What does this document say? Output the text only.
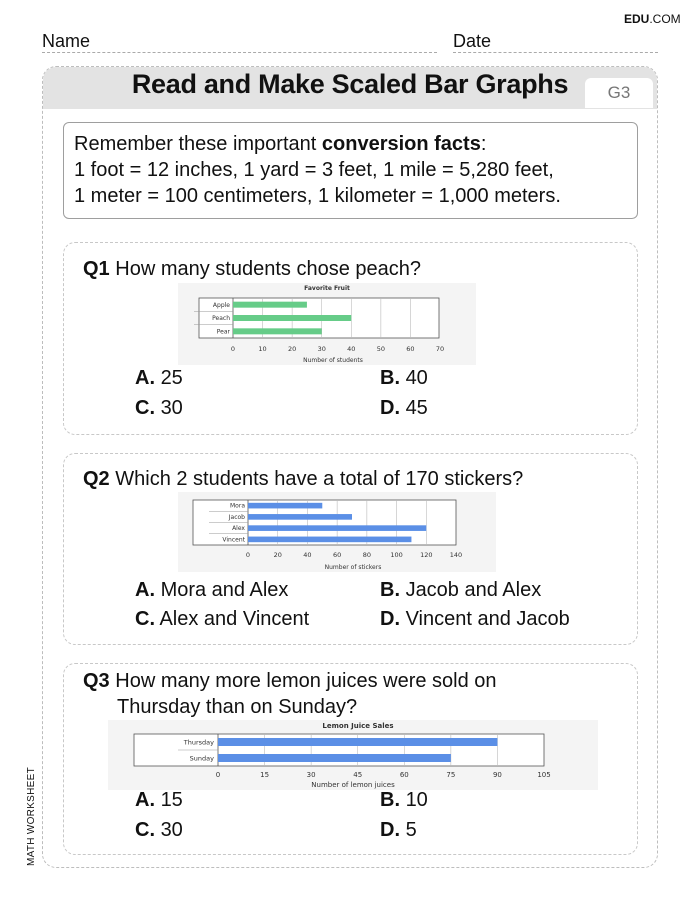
EDU.COM
Name	Date
Read and Make Scaled Bar Graphs	G3
Remember these important conversion facts:
1 foot = 12 inches, 1 yard = 3 feet, 1 mile = 5,280 feet,
1 meter = 100 centimeters, 1 kilometer = 1,000 meters.
Q1 How many students chose peach?
Favorite Fruit
Apple
Peach
Pear
0	10	20	30	40	50	60	70
Number of students
A. 25	B. 40
C. 30	D. 45
Q2 Which 2 students have a total of 170 stickers?
Mora
Jacob
Alex
Vincent
0	20	40	60	80	100	120	140
Number of stickers
A. Mora and Alex	B. Jacob and Alex
C. Alex and Vincent	D. Vincent and Jacob
Q3 How many more lemon juices were sold on
Thursday than on Sunday?
Lemon Juice Sales
Thursday
Sunday
0	15	30	45	60	75	90	105
Number of lemon juices
A. 15	B. 10
C. 30	D. 5
MATH WORKSHEET
